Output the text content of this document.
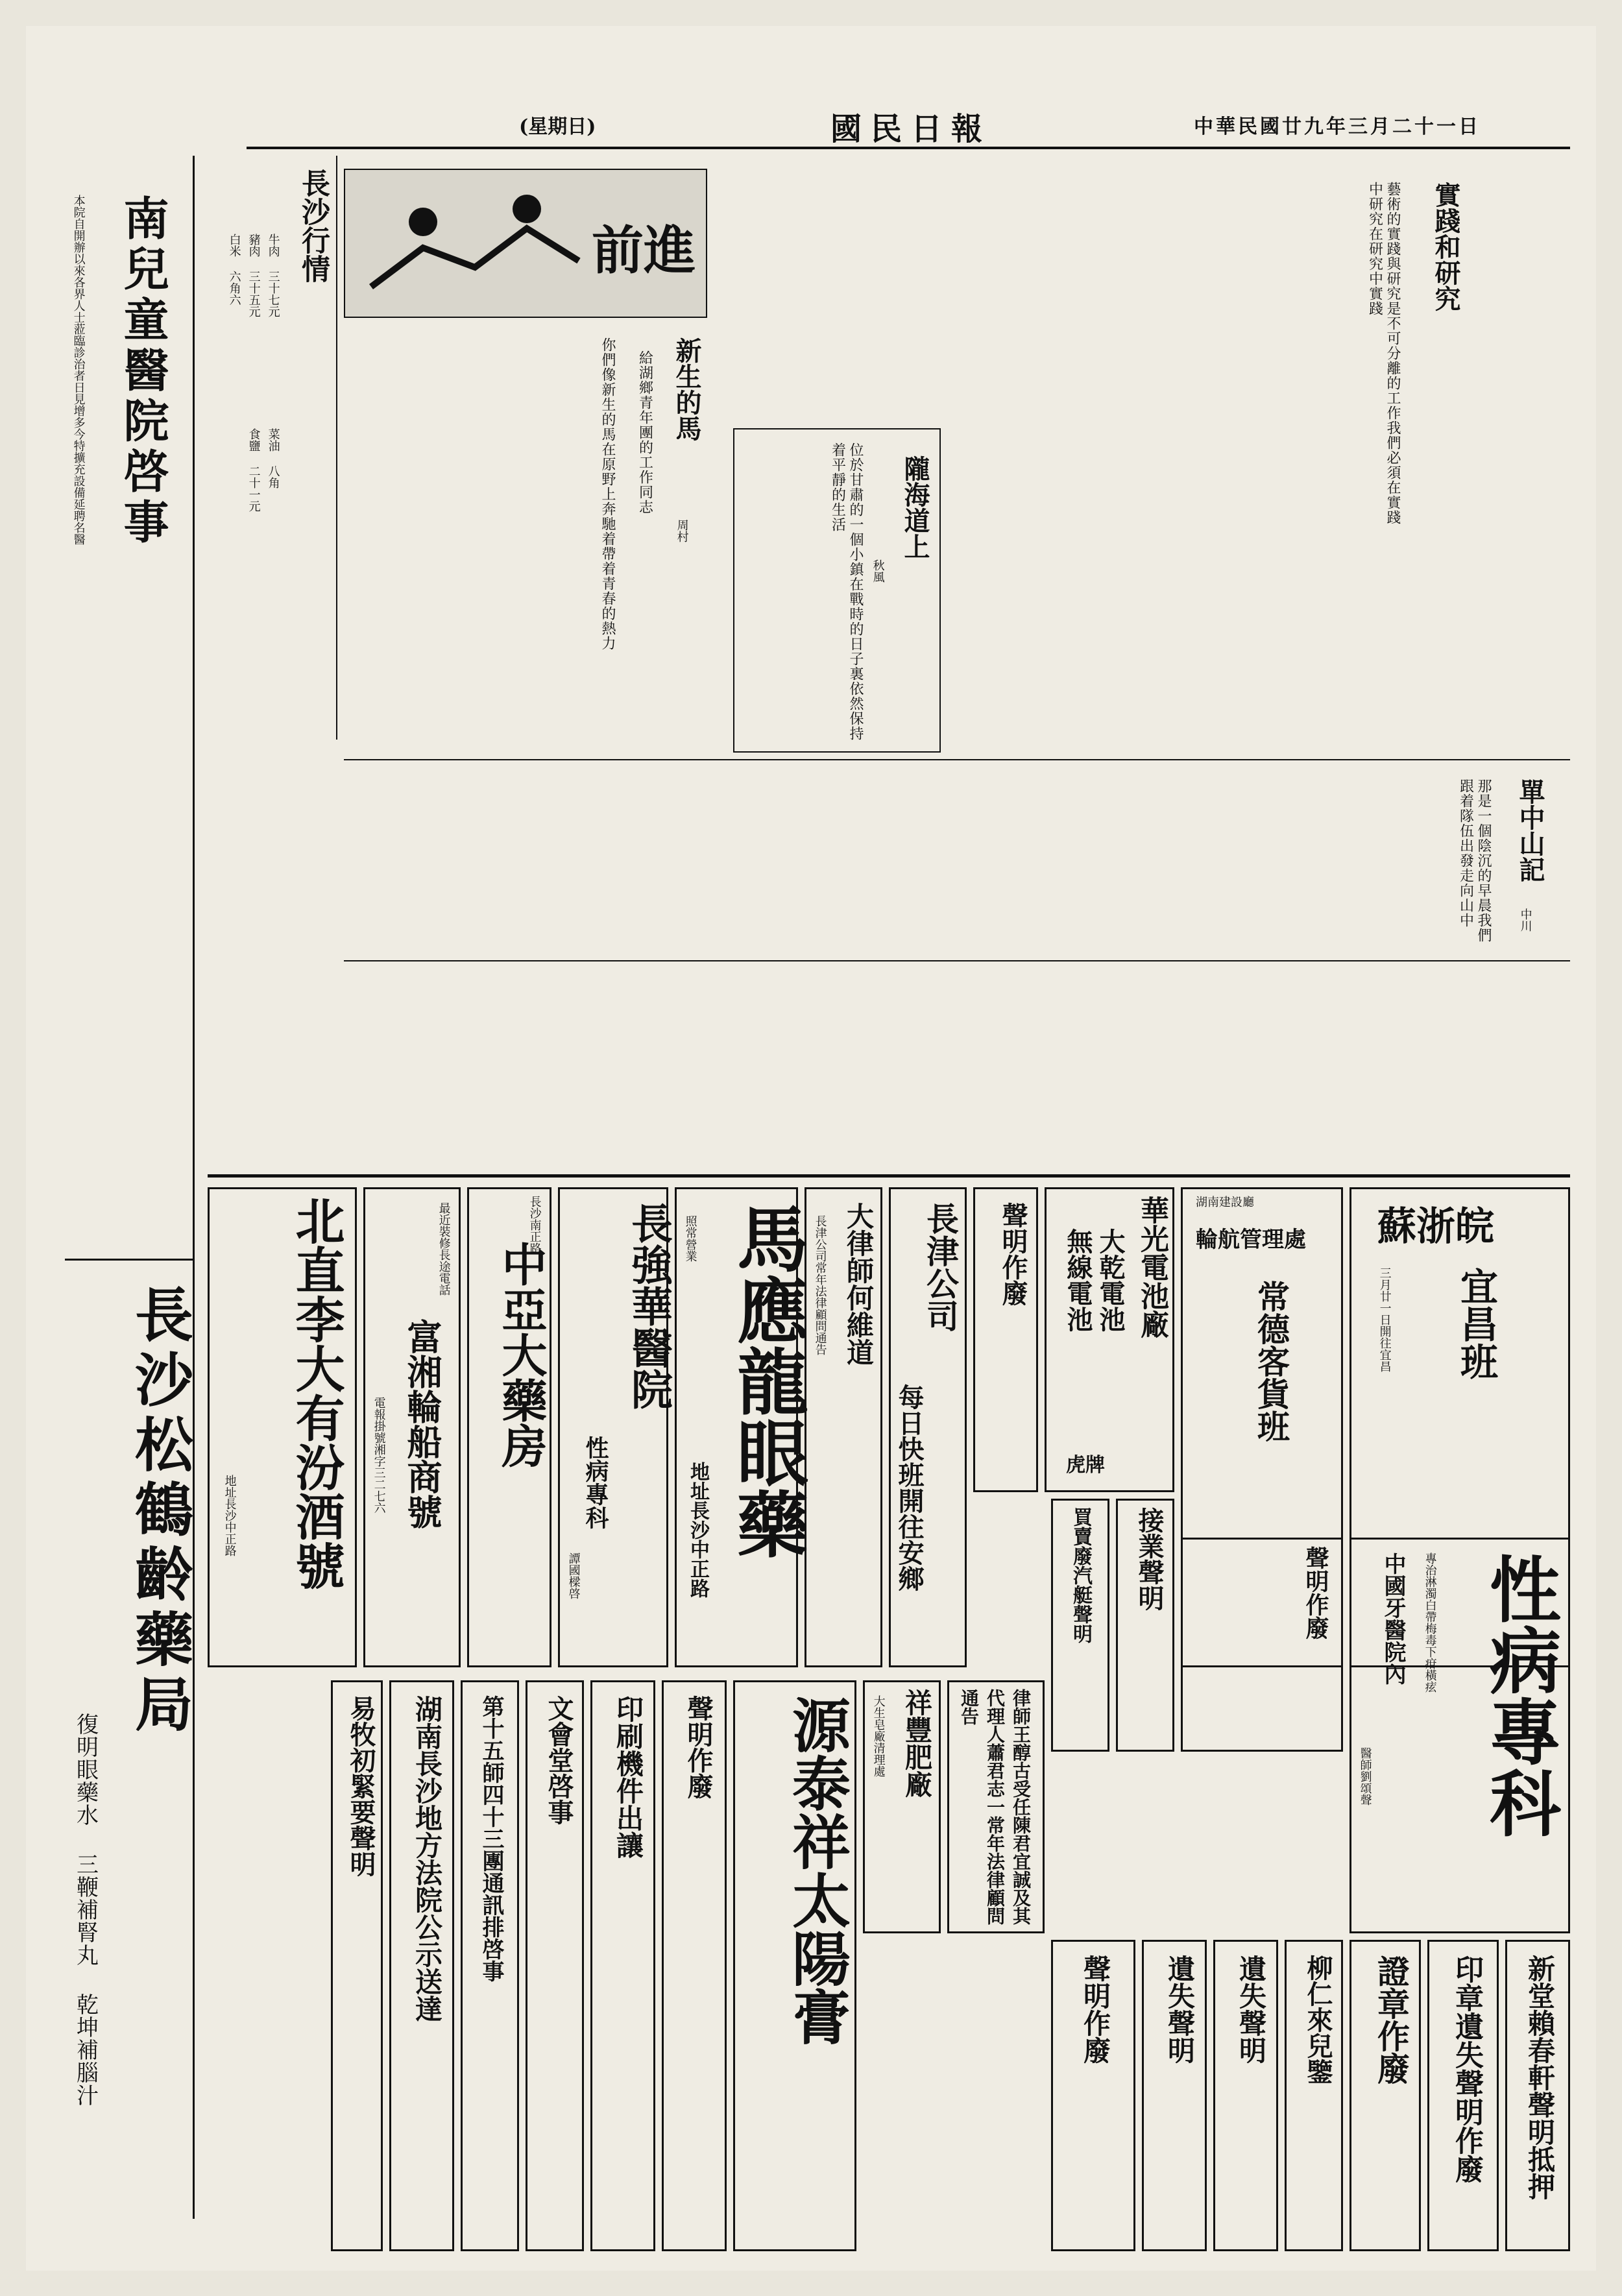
(星期日)	國民日報	中華民國廿九年三月二十一日
南兒童醫院啓事
本院自開辦以來各界人士蒞臨診治者日見增多今特擴充設備延聘名醫
長沙松鶴齡藥局
復明眼藥水 三鞭補腎丸 乾坤補腦汁
長沙行情
牛肉 三十七元
豬肉 三十五元
白米 六角六
菜油 八角
食鹽 二十一元
前進
新生的馬
給湖鄉青年團的工作同志
周村
你們像新生的馬在原野上奔馳着帶着青春的熱力	隴海道上
秋風
位於甘肅的一個小鎮在戰時的日子裏依然保持着平靜的生活
實踐和研究
藝術的實踐與研究是不可分離的工作我們必須在實踐中研究在研究中實踐
單中山記
中川
那是一個陰沉的早晨我們跟着隊伍出發走向山中
蘇浙皖
宜昌班
三月廿一日開往宜昌
湖南建設廳
輪航管理處
常德客貨班
華光電池廠
大乾電池
無線電池
虎牌
聲明作廢
長津公司
每日快班開往安鄉
大律師何維道
長津公司常年法律顧問通告
馬應龍眼藥
照常營業
地址長沙中正路
長強華醫院
性病專科
譚國樑啓
中亞大藥房
長沙南正路
富湘輪船商號
最近裝修長途電話
電報掛號湘字三二七六
北直李大有汾酒號
地址長沙中正路
性病專科
專治淋濁白帶梅毒下疳橫痃
中國牙醫院內
醫師劉頌聲
聲明作廢
接業聲明
買賣廢汽艇聲明
律師王醇古受任陳君宜誠及其代理人蕭君志一常年法律顧問通告
祥豐肥廠
大生皂廠清理處
源泰祥太陽膏
聲明作廢
印刷機件出讓
文會堂啓事
第十五師四十三團通訊排啓事
湖南長沙地方法院公示送達
易牧初緊要聲明
聲明作廢 遺失聲明 遺失聲明 柳仁來兒鑒 證章作廢 印章遺失聲明作廢 新堂賴春軒聲明抵押
